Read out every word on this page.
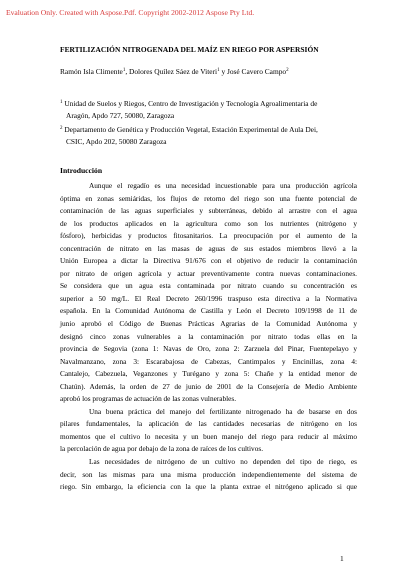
Evaluation Only. Created with Aspose.Pdf. Copyright 2002-2012 Aspose Pty Ltd.
FERTILIZACIÓN NITROGENADA DEL MAÍZ EN RIEGO POR ASPERSIÓN
Ramón Isla Climente$^1$, Dolores Quílez Sáez de Viteri$^1$ y José Cavero Campo$^2$
$^1$ Unidad de Suelos y Riegos, Centro de Investigación y Tecnología Agroalimentaria de
Aragón, Apdo 727, 50080, Zaragoza
$^2$ Departamento de Genética y Producción Vegetal, Estación Experimental de Aula Dei,
CSIC, Apdo 202, 50080 Zaragoza
Introducción
Aunque el regadío es una necesidad incuestionable para una producción agrícola
óptima en zonas semiáridas, los flujos de retorno del riego son una fuente potencial de
contaminación de las aguas superficiales y subterráneas, debido al arrastre con el agua
de los productos aplicados en la agricultura como son los nutrientes (nitrógeno y
fósforo), herbicidas y productos fitosanitarios. La preocupación por el aumento de la
concentración de nitrato en las masas de aguas de sus estados miembros llevó a la
Unión Europea a dictar la Directiva 91/676 con el objetivo de reducir la contaminación
por nitrato de origen agrícola y actuar preventivamente contra nuevas contaminaciones.
Se considera que un agua esta contaminada por nitrato cuando su concentración es
superior a 50 mg/L. El Real Decreto 260/1996 traspuso esta directiva a la Normativa
española. En la Comunidad Autónoma de Castilla y León el Decreto 109/1998 de 11 de
junio aprobó el Código de Buenas Prácticas Agrarias de la Comunidad Autónoma y
designó cinco zonas vulnerables a la contaminación por nitrato todas ellas en la
provincia de Segovia (zona 1: Navas de Oro, zona 2: Zarzuela del Pinar, Fuentepelayo y
Navalmanzano, zona 3: Escarabajosa de Cabezas, Cantimpalos y Encinillas, zona 4:
Cantalejo, Cabezuela, Veganzones y Turégano y zona 5: Chañe y la entidad menor de
Chatún). Además, la orden de 27 de junio de 2001 de la Consejería de Medio Ambiente
aprobó los programas de actuación de las zonas vulnerables.
Una buena práctica del manejo del fertilizante nitrogenado ha de basarse en dos
pilares fundamentales, la aplicación de las cantidades necesarias de nitrógeno en los
momentos que el cultivo lo necesita y un buen manejo del riego para reducir al máximo
la percolación de agua por debajo de la zona de raíces de los cultivos.
Las necesidades de nitrógeno de un cultivo no dependen del tipo de riego, es
decir, son las mismas para una misma producción independientemente del sistema de
riego. Sin embargo, la eficiencia con la que la planta extrae el nitrógeno aplicado si que
1
